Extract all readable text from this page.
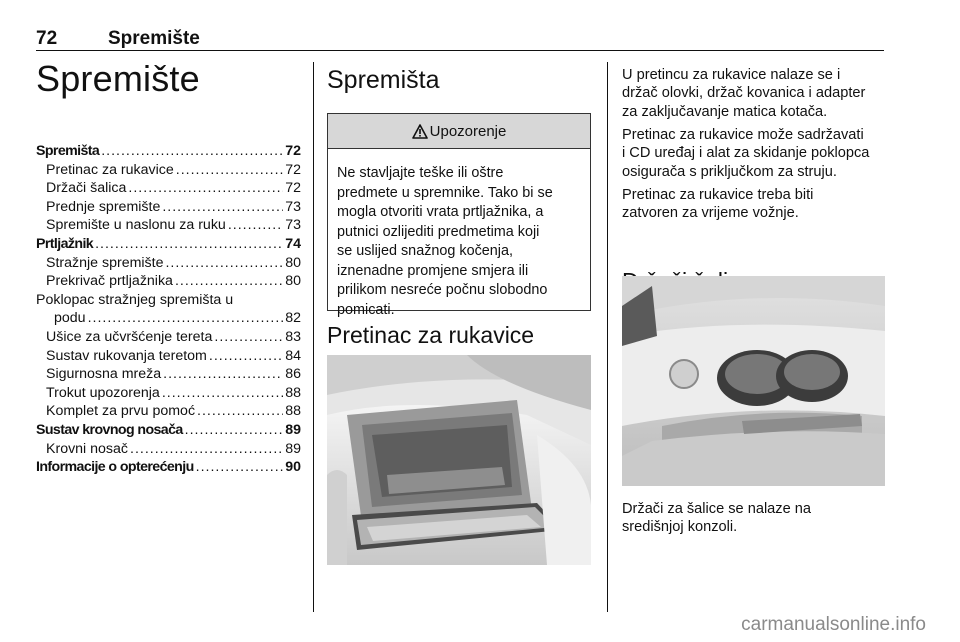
72	Spremište
Spremište
Spremišta .....	72
Pretinac za rukavice .....	72
Držači šalica .....	72
Prednje spremište .....	73
Spremište u naslonu za ruku .....	73
Prtljažnik .....	74
Stražnje spremište .....	80
Prekrivač prtljažnika .....	80
Poklopac stražnjeg spremišta u
podu .....	82
Ušice za učvršćenje tereta .....	83
Sustav rukovanja teretom .....	84
Sigurnosna mreža .....	86
Trokut upozorenja .....	88
Komplet za prvu pomoć .....	88
Sustav krovnog nosača .....	89
Krovni nosač .....	89
Informacije o opterećenju .....	90
Spremišta
Upozorenje
Ne stavljajte teške ili oštre
predmete u spremnike. Tako bi se
mogla otvoriti vrata prtljažnika, a
putnici ozlijediti predmetima koji
se uslijed snažnog kočenja,
iznenadne promjene smjera ili
prilikom nesreće počnu slobodno
pomicati.
Pretinac za rukavice
U pretincu za rukavice nalaze se i
držač olovki, držač kovanica i adapter
za zaključavanje matica kotača.
Pretinac za rukavice može sadržavati
i CD uređaj i alat za skidanje poklopca
osigurača s priključkom za struju.
Pretinac za rukavice treba biti
zatvoren za vrijeme vožnje.
Držači za šalice se nalaze na
središnjoj konzoli.
carmanualsonline.info
